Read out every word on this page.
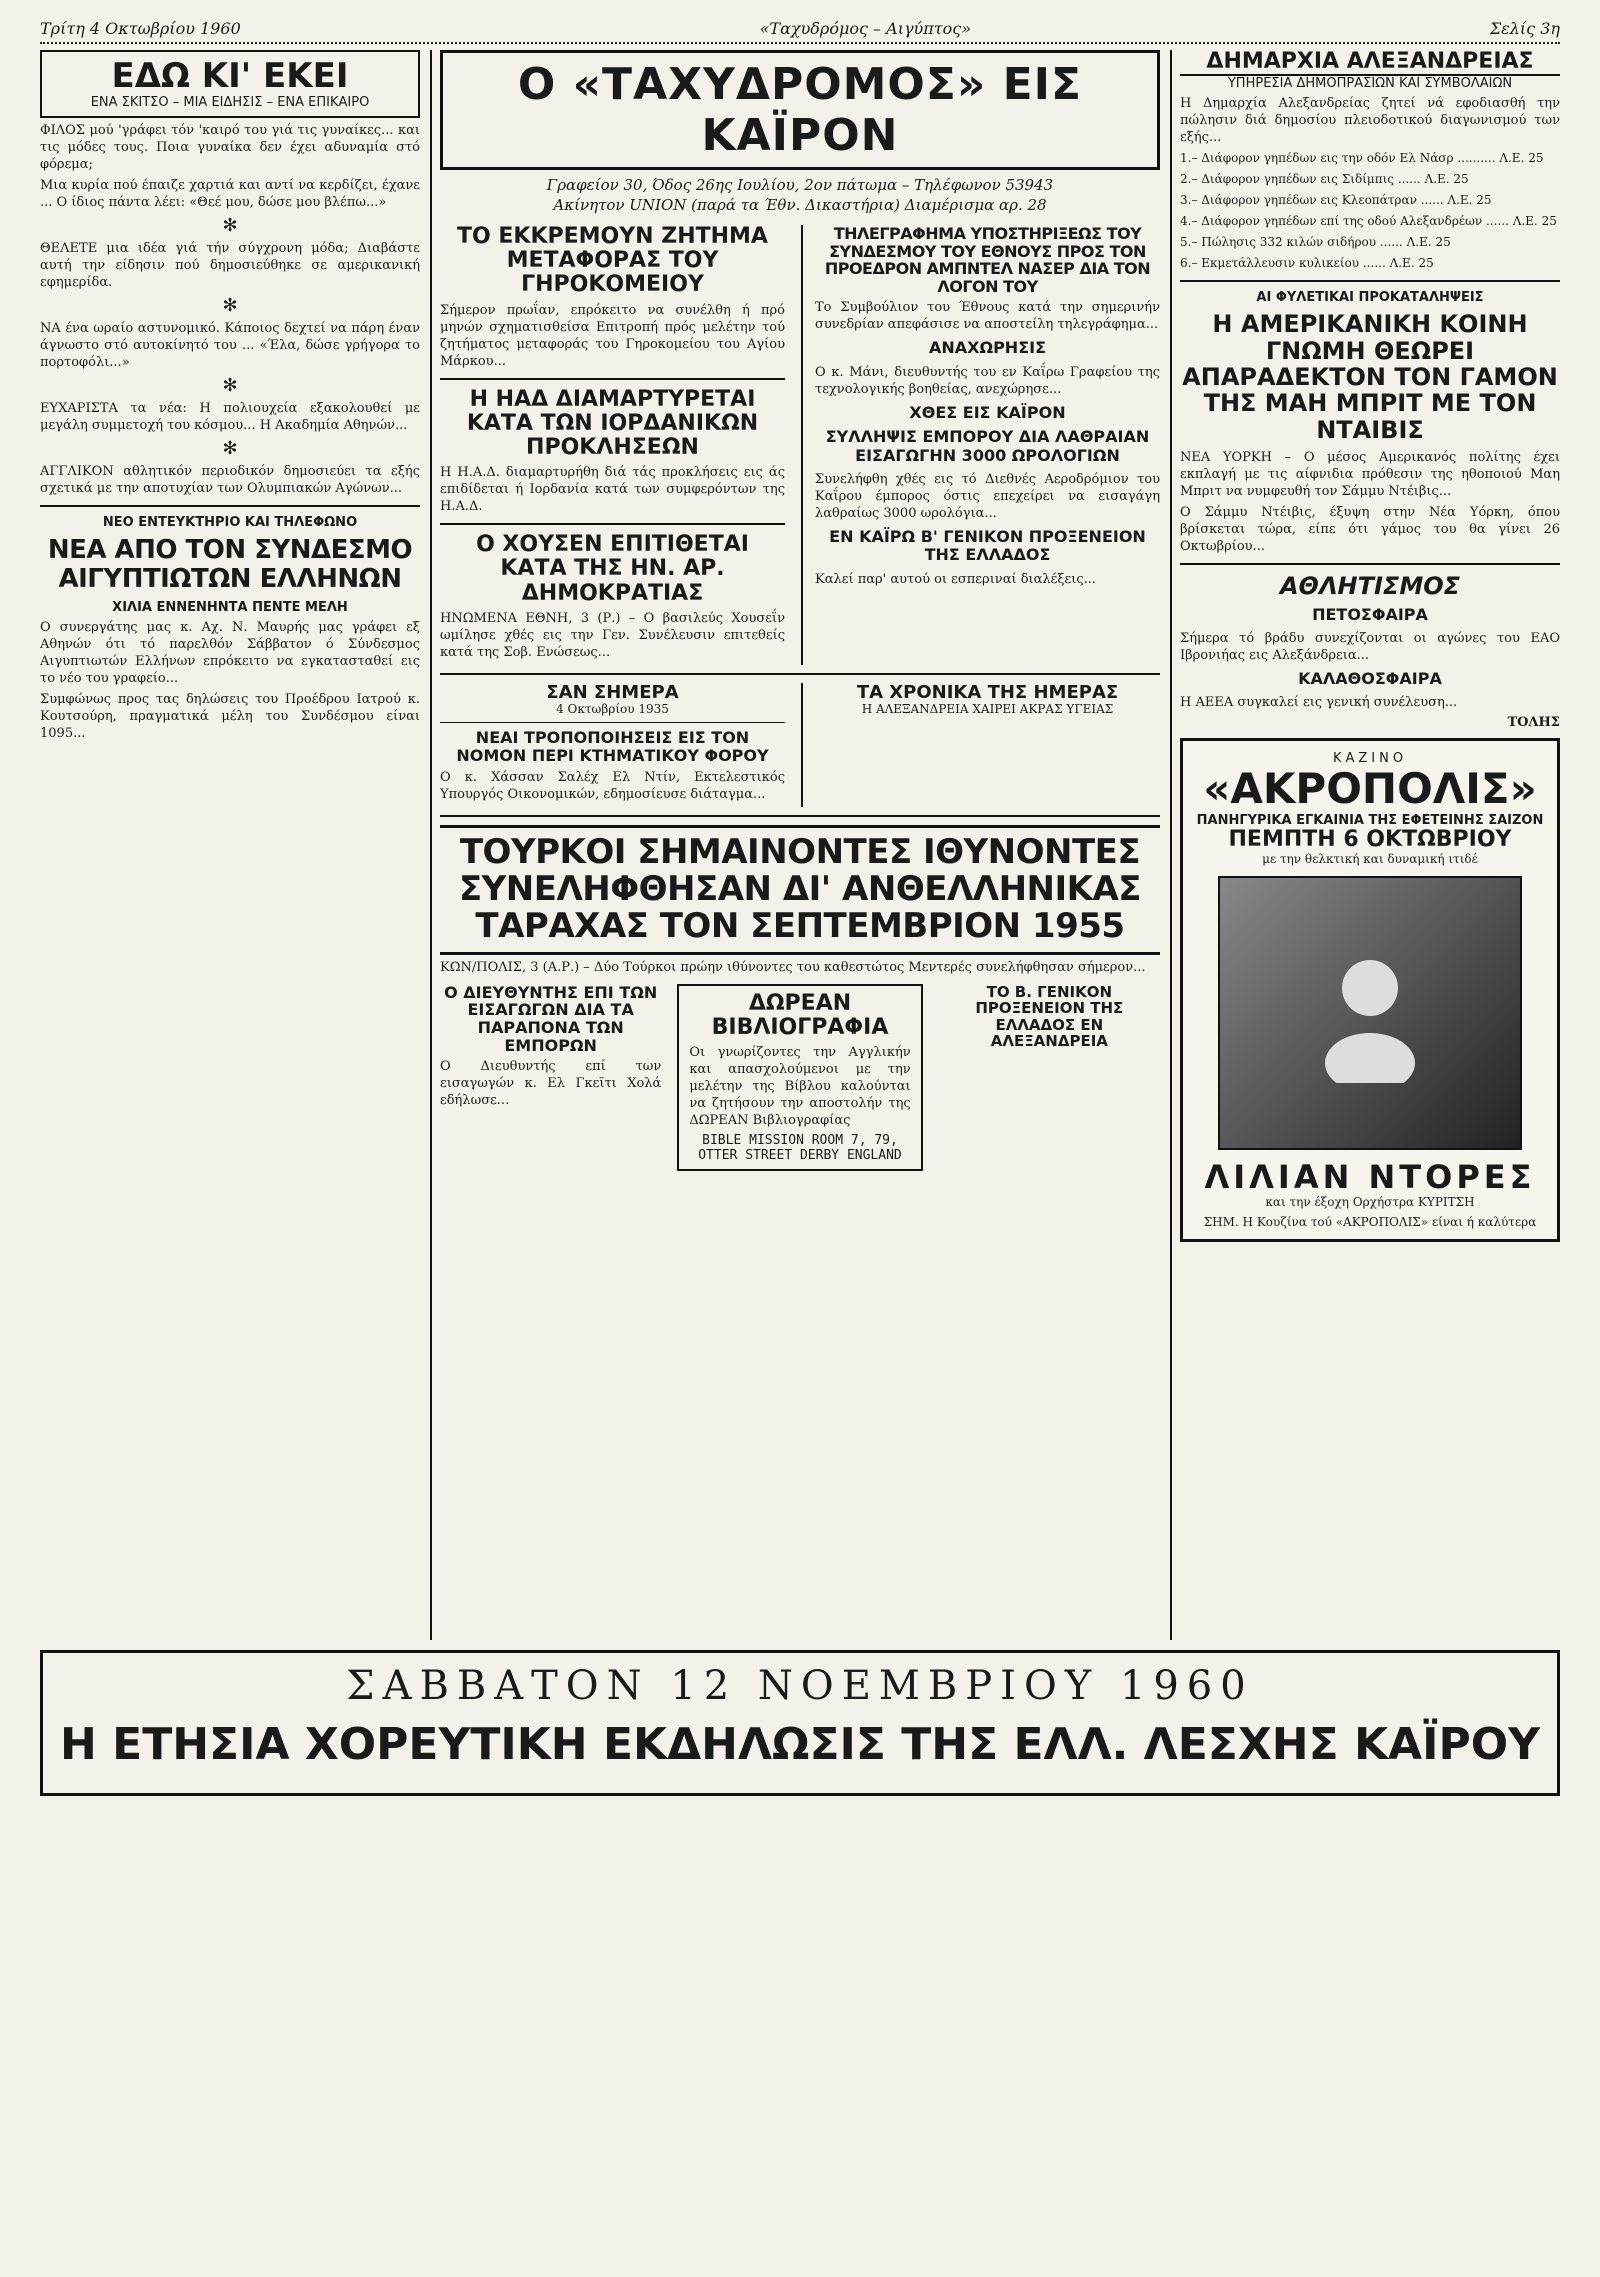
Τρίτη 4 Οκτωβρίου 1960	«Ταχυδρόμος – Αιγύπτος»	Σελίς 3η
ΕΔΩ ΚΙ' ΕΚΕΙ
ΕΝΑ ΣΚΙΤΣΟ – ΜΙΑ ΕΙΔΗΣΙΣ – ΕΝΑ ΕΠΙΚΑΙΡΟ

ΦΙΛΟΣ μού 'γράφει τόν 'καιρό του γιά τις γυναίκες... και τις μόδες τους. Ποια γυναίκα δεν έχει αδυναμία στό φόρεμα;

Μια κυρία πού έπαιζε χαρτιά και αντί να κερδίζει, έχανε ... Ο ίδιος πάντα λέει: «Θεέ μου, δώσε μου βλέπω...»

✻

ΘΕΛΕΤΕ μια ιδέα γιά τήν σύγχρονη μόδα; Διαβάστε αυτή την είδησιν πού δημοσιεύθηκε σε αμερικανική εφημερίδα.

✻

ΝΑ ένα ωραίο αστυνομικό. Κάποιος δεχτεί να πάρη έναν άγνωστο στό αυτοκίνητό του ... «Έλα, δώσε γρήγορα το πορτοφόλι...»

✻

ΕΥΧΑΡΙΣΤΑ τα νέα: Η πολιουχεία εξακολουθεί με μεγάλη συμμετοχή του κόσμου... Η Ακαδημία Αθηνών...

✻

ΑΓΓΛΙΚΟΝ αθλητικόν περιοδικόν δημοσιεύει τα εξής σχετικά με την αποτυχίαν των Ολυμπιακών Αγώνων...

ΝΕΟ ΕΝΤΕΥΚΤΗΡΙΟ ΚΑΙ ΤΗΛΕΦΩΝΟ
ΝΕΑ ΑΠΟ ΤΟΝ ΣΥΝΔΕΣΜΟ ΑΙΓΥΠΤΙΩΤΩΝ ΕΛΛΗΝΩΝ
ΧΙΛΙΑ ΕΝΝΕΝΗΝΤΑ ΠΕΝΤΕ ΜΕΛΗ

Ο συνεργάτης μας κ. Αχ. Ν. Μαυρής μας γράφει εξ Αθηνών ότι τό παρελθόν Σάββατον ό Σύνδεσμος Αιγυπτιωτών Ελλήνων επρόκειτο να εγκατασταθεί εις το νέο του γραφείο...

Συμφώνως προς τας δηλώσεις του Προέδρου Ιατρού κ. Κουτσούρη, πραγματικά μέλη του Συνδέσμου είναι 1095...

Ο «ΤΑΧΥΔΡΟΜΟΣ» ΕΙΣ ΚΑΪΡΟΝ
Γραφείον 30, Όδος 26ης Ιουλίου, 2ον πάτωμα – Τηλέφωνον 53943
Ακίνητον UNION (παρά τα Έθν. Δικαστήρια) Διαμέρισμα αρ. 28
ΤΟ ΕΚΚΡΕΜΟΥΝ ΖΗΤΗΜΑ ΜΕΤΑΦΟΡΑΣ ΤΟΥ ΓΗΡΟΚΟΜΕΙΟΥ

Σήμερον πρωΐαν, επρόκειτο να συνέλθη ή πρό μηνών σχηματισθείσα Επιτροπή πρός μελέτην τού ζητήματος μεταφοράς του Γηροκομείου του Αγίου Μάρκου...

Η ΗΑΔ ΔΙΑΜΑΡΤΥΡΕΤΑΙ ΚΑΤΑ ΤΩΝ ΙΟΡΔΑΝΙΚΩΝ ΠΡΟΚΛΗΣΕΩΝ

Η Η.Α.Δ. διαμαρτυρήθη διά τάς προκλήσεις εις άς επιδίδεται ή Ιορδανία κατά των συμφερόντων της Η.Α.Δ.

Ο ΧΟΥΣΕΝ ΕΠΙΤΙΘΕΤΑΙ ΚΑΤΑ ΤΗΣ ΗΝ. ΑΡ. ΔΗΜΟΚΡΑΤΙΑΣ

ΗΝΩΜΕΝΑ ΕΘΝΗ, 3 (Ρ.) – Ο βασιλεύς Χουσεΐν ωμίλησε χθές εις την Γεν. Συνέλευσιν επιτεθείς κατά της Σοβ. Ενώσεως...

ΤΗΛΕΓΡΑΦΗΜΑ ΥΠΟΣΤΗΡΙΞΕΩΣ ΤΟΥ ΣΥΝΔΕΣΜΟΥ ΤΟΥ ΕΘΝΟΥΣ ΠΡΟΣ ΤΟΝ ΠΡΟΕΔΡΟΝ ΑΜΠΝΤΕΛ ΝΑΣΕΡ ΔΙΑ ΤΟΝ ΛΟΓΟΝ ΤΟΥ

Το Συμβούλιον του Έθνους κατά την σημερινήν συνεδρίαν απεφάσισε να αποστείλη τηλεγράφημα...

ΑΝΑΧΩΡΗΣΙΣ

Ο κ. Μάνι, διευθυντής του εν Καΐρω Γραφείου της τεχνολογικής βοηθείας, ανεχώρησε...

ΧΘΕΣ ΕΙΣ ΚΑΪΡΟΝ
ΣΥΛΛΗΨΙΣ ΕΜΠΟΡΟΥ ΔΙΑ ΛΑΘΡΑΙΑΝ ΕΙΣΑΓΩΓΗΝ 3000 ΩΡΟΛΟΓΙΩΝ

Συνελήφθη χθές εις τό Διεθνές Αεροδρόμιον του Καΐρου έμπορος όστις επεχείρει να εισαγάγη λαθραίως 3000 ωρολόγια...

ΕΝ ΚΑΪΡΩ Β' ΓΕΝΙΚΟΝ ΠΡΟΞΕΝΕΙΟΝ ΤΗΣ ΕΛΛΑΔΟΣ

Καλεί παρ' αυτού οι εσπεριναί διαλέξεις...

ΣΑΝ ΣΗΜΕΡΑ
4 Οκτωβρίου 1935
ΝΕΑΙ ΤΡΟΠΟΠΟΙΗΣΕΙΣ ΕΙΣ ΤΟΝ ΝΟΜΟΝ ΠΕΡΙ ΚΤΗΜΑΤΙΚΟΥ ΦΟΡΟΥ

Ο κ. Χάσσαν Σαλέχ Ελ Ντίν, Εκτελεστικός Υπουργός Οικονομικών, εδημοσίευσε διάταγμα...

ΤΑ ΧΡΟΝΙΚΑ ΤΗΣ ΗΜΕΡΑΣ
Η ΑΛΕΞΑΝΔΡΕΙΑ ΧΑΙΡΕΙ ΑΚΡΑΣ ΥΓΕΙΑΣ
ΤΟΥΡΚΟΙ ΣΗΜΑΙΝΟΝΤΕΣ ΙΘΥΝΟΝΤΕΣ ΣΥΝΕΛΗΦΘΗΣΑΝ ΔΙ' ΑΝΘΕΛΛΗΝΙΚΑΣ ΤΑΡΑΧΑΣ ΤΟΝ ΣΕΠΤΕΜΒΡΙΟΝ 1955

ΚΩΝ/ΠΟΛΙΣ, 3 (Α.Ρ.) – Δύο Τούρκοι πρώην ιθύνοντες του καθεστώτος Μεντερές συνελήφθησαν σήμερον...

Ο ΔΙΕΥΘΥΝΤΗΣ ΕΠΙ ΤΩΝ ΕΙΣΑΓΩΓΩΝ ΔΙΑ ΤΑ ΠΑΡΑΠΟΝΑ ΤΩΝ ΕΜΠΟΡΩΝ

Ο Διευθυντής επί των εισαγωγών κ. Ελ Γκεϊτι Χολά εδήλωσε...

ΔΩΡΕΑΝ ΒΙΒΛΙΟΓΡΑΦΙΑ

Οι γνωρίζοντες την Αγγλικήν και απασχολούμενοι με την μελέτην της Βίβλου καλούνται να ζητήσουν την αποστολήν της ΔΩΡΕΑΝ Βιβλιογραφίας

BIBLE MISSION ROOM 7, 79, OTTER STREET DERBY ENGLAND
ΤΟ Β. ΓΕΝΙΚΟΝ ΠΡΟΞΕΝΕΙΟΝ ΤΗΣ ΕΛΛΑΔΟΣ ΕΝ ΑΛΕΞΑΝΔΡΕΙΑ
ΔΗΜΑΡΧΙΑ ΑΛΕΞΑΝΔΡΕΙΑΣ
ΥΠΗΡΕΣΙΑ ΔΗΜΟΠΡΑΣΙΩΝ ΚΑΙ ΣΥΜΒΟΛΑΙΩΝ

Η Δημαρχία Αλεξανδρείας ζητεί νά εφοδιασθή την πώλησιν διά δημοσίου πλειοδοτικού διαγωνισμού των εξής...

1.– Διάφορον γηπέδων εις την οδόν Ελ Νάσρ .......... Λ.Ε. 25
2.– Διάφορον γηπέδων εις Σιδίμπις ...... Λ.Ε. 25
3.– Διάφορον γηπέδων εις Κλεοπάτραν ...... Λ.Ε. 25
4.– Διάφορον γηπέδων επί της οδού Αλεξανδρέων ...... Λ.Ε. 25
5.– Πώλησις 332 κιλών σιδήρου ...... Λ.Ε. 25
6.– Εκμετάλλευσιν κυλικείου ...... Λ.Ε. 25
ΑΙ ΦΥΛΕΤΙΚΑΙ ΠΡΟΚΑΤΑΛΗΨΕΙΣ
Η ΑΜΕΡΙΚΑΝΙΚΗ ΚΟΙΝΗ ΓΝΩΜΗ ΘΕΩΡΕΙ ΑΠΑΡΑΔΕΚΤΟΝ ΤΟΝ ΓΑΜΟΝ ΤΗΣ ΜΑΗ ΜΠΡΙΤ ΜΕ ΤΟΝ ΝΤΑΙΒΙΣ

ΝΕΑ ΥΟΡΚΗ – Ο μέσος Αμερικανός πολίτης έχει εκπλαγή με τις αίφνιδια πρόθεσιν της ηθοποιού Μαη Μπριτ να νυμφευθή τον Σάμμυ Ντέιβις...

Ο Σάμμυ Ντέιβις, έξυψη στην Νέα Υόρκη, όπου βρίσκεται τώρα, είπε ότι γάμος του θα γίνει 26 Οκτωβρίου...

ΑΘΛΗΤΙΣΜΟΣ
ΠΕΤΟΣΦΑΙΡΑ

Σήμερα τό βράδυ συνεχίζονται οι αγώνες του ΕΑΟ Ιβρονιήας εις Αλεξάνδρεια...

ΚΑΛΑΘΟΣΦΑΙΡΑ

Η ΑΕΕΑ συγκαλεί εις γενική συνέλευση...

ΤΟΛΗΣ
ΚΑΖΙΝΟ
«ΑΚΡΟΠΟΛΙΣ»
ΠΑΝΗΓΥΡΙΚΑ ΕΓΚΑΙΝΙΑ ΤΗΣ ΕΦΕΤΕΙΝΗΣ ΣΑΙΖΟΝ
ΠΕΜΠΤΗ 6 ΟΚΤΩΒΡΙΟΥ
με την θελκτική και δυναμική ιτιδέ
ΛΙΛΙΑΝ ΝΤΟΡΕΣ
και την έξοχη Ορχήστρα ΚΥΡΙΤΣΗ
ΣΗΜ. Η Κουζίνα τού «ΑΚΡΟΠΟΛΙΣ» είναι ή καλύτερα
ΣΑΒΒΑΤΟΝ 12 ΝΟΕΜΒΡΙΟΥ 1960
Η ΕΤΗΣΙΑ ΧΟΡΕΥΤΙΚΗ ΕΚΔΗΛΩΣΙΣ ΤΗΣ ΕΛΛ. ΛΕΣΧΗΣ ΚΑΪΡΟΥ
